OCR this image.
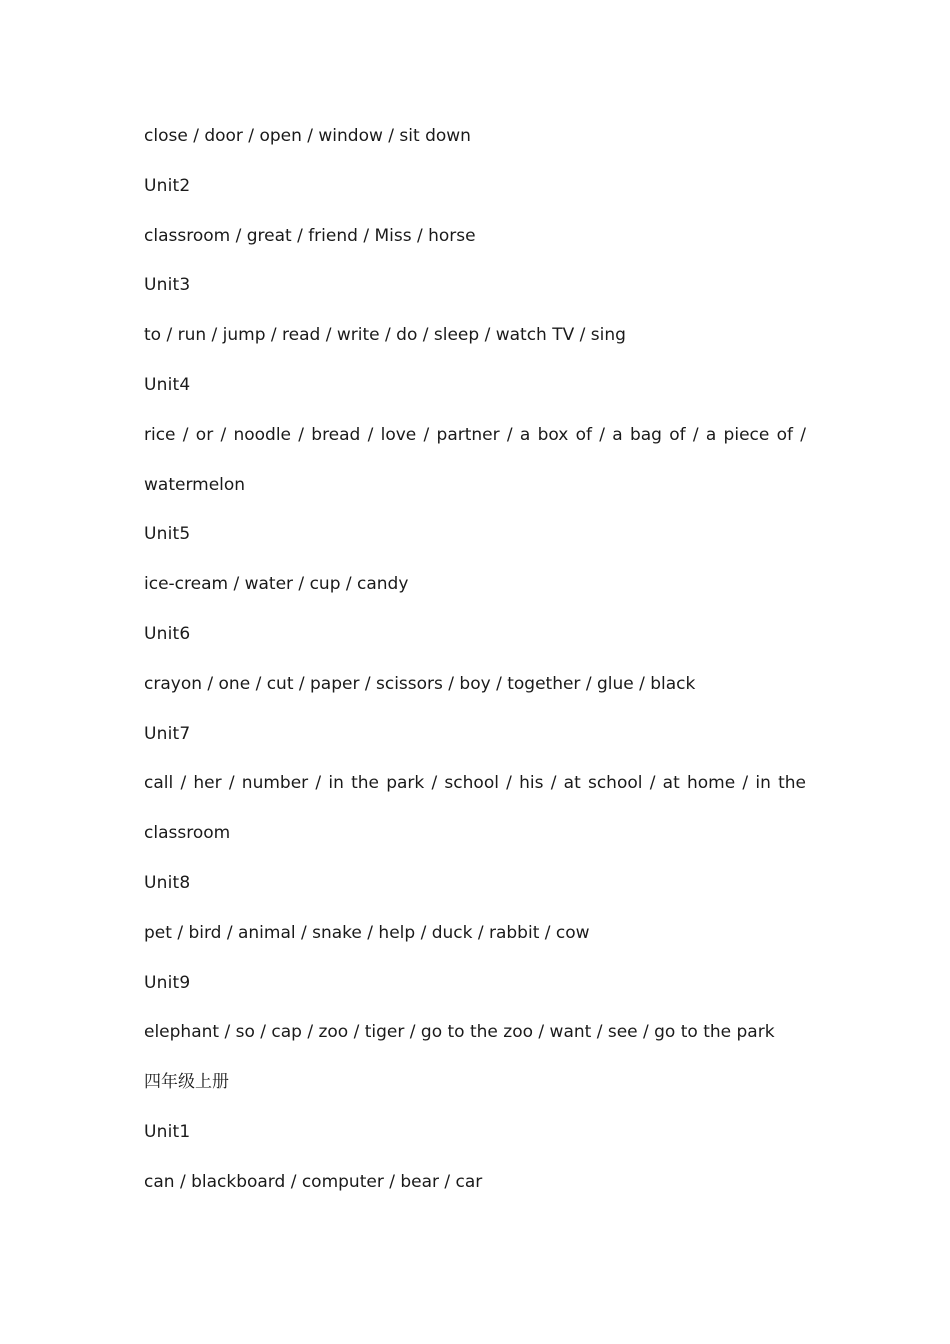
close / door / open / window / sit down
Unit2
classroom / great / friend / Miss / horse
Unit3
to / run / jump / read / write / do / sleep / watch TV / sing
Unit4
rice / or / noodle / bread / love / partner / a box of / a bag of / a piece of /
watermelon
Unit5
ice-cream / water / cup / candy
Unit6
crayon / one / cut / paper / scissors / boy / together / glue / black
Unit7
call / her / number / in the park / school / his / at school / at home / in the
classroom
Unit8
pet / bird / animal / snake / help / duck / rabbit / cow
Unit9
elephant / so / cap / zoo / tiger / go to the zoo / want / see / go to the park
四年级上册
Unit1
can / blackboard / computer / bear / car
